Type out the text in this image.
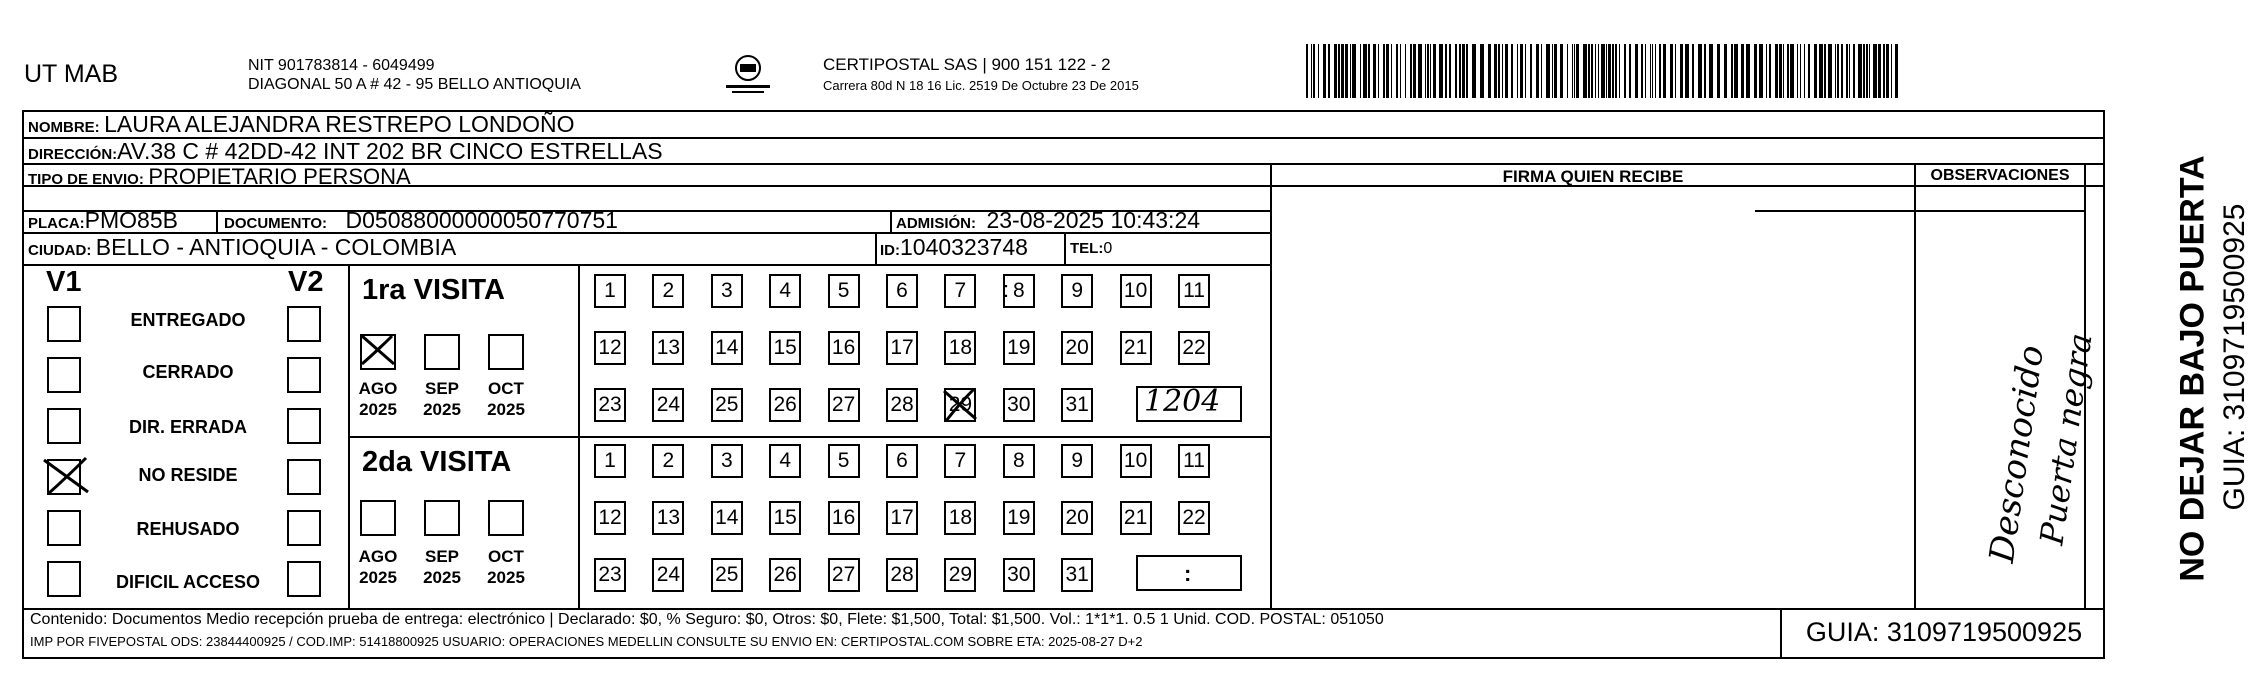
UT MAB	NIT 901783814 - 6049499
DIAGONAL 50 A # 42 - 95 BELLO ANTIOQUIA
CERTIPOSTAL SAS | 900 151 122 - 2
Carrera 80d N 18 16 Lic. 2519 De Octubre 23 De 2015
NOMBRE: LAURA ALEJANDRA RESTREPO LONDOÑO
DIRECCIÓN:AV.38 C # 42DD-42 INT 202 BR CINCO ESTRELLAS
TIPO DE ENVIO: PROPIETARIO PERSONA	FIRMA QUIEN RECIBE	OBSERVACIONES
PLACA:PMO85B	DOCUMENTO: D05088000000050770751	ADMISIÓN: 23-08-2025 10:43:24
CIUDAD: BELLO - ANTIOQUIA - COLOMBIA	ID:1040323748	TEL:0
V1	V2
ENTREGADO
CERRADO
DIR. ERRADA
NO RESIDE
REHUSADO
DIFICIL ACCESO
1ra VISITA
AGO
2025
SEP
2025
OCT
2025
2da VISITA
AGO
2025
SEP
2025
OCT
2025
1	2	3	4	5	6	7	8	9	10 11
12 13 14 15 16 17 18 19 20 21 22
23 24 25 26 27 28 29 30 31
1	2	3	4	5	6	7	8	9	10 11
12 13 14 15 16 17 18 19 20 21 22
23 24 25 26 27 28 29 30 31
:
1204
:
Desconocido
Puerta negra NO DEJAR BAJO PUERTA GUIA: 3109719500925
Contenido: Documentos Medio recepción prueba de entrega: electrónico | Declarado: $0, % Seguro: $0, Otros: $0, Flete: $1,500, Total: $1,500. Vol.: 1*1*1. 0.5 1 Unid. COD. POSTAL: 051050
IMP POR FIVEPOSTAL ODS: 23844400925 / COD.IMP: 51418800925 USUARIO: OPERACIONES MEDELLIN CONSULTE SU ENVIO EN: CERTIPOSTAL.COM SOBRE ETA: 2025-08-27 D+2	GUIA: 3109719500925
